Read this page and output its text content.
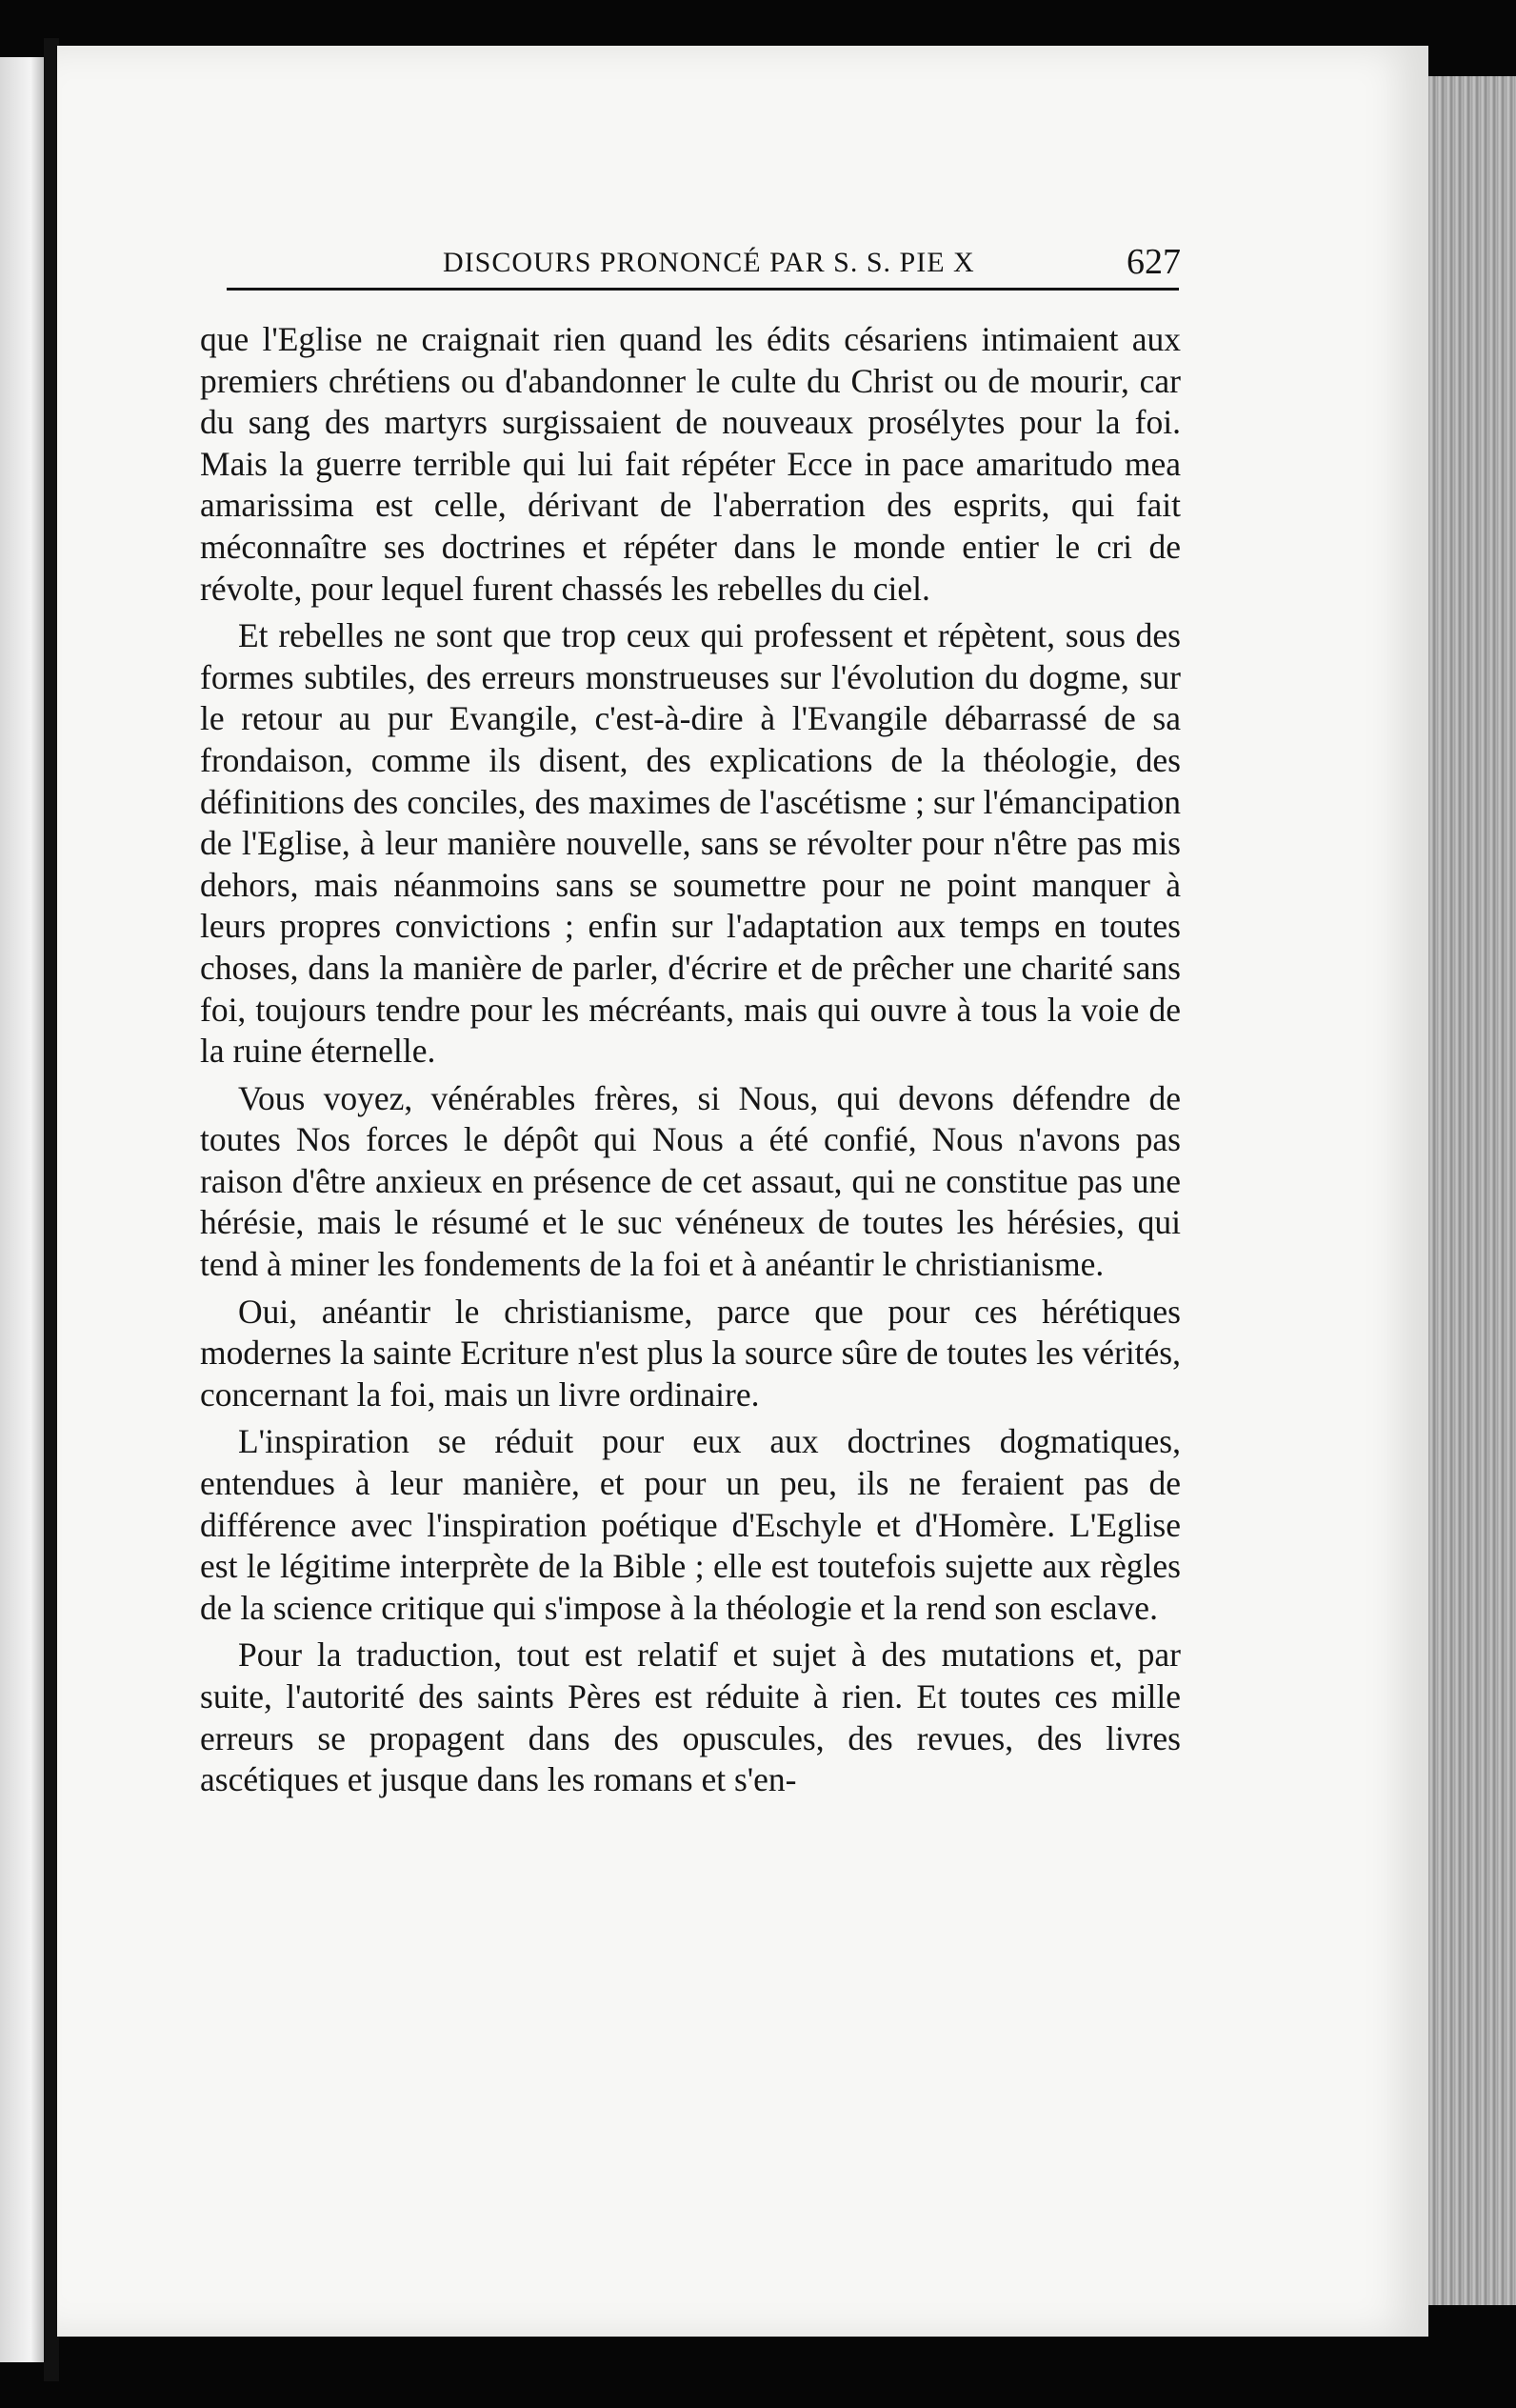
DISCOURS PRONONCÉ PAR S. S. PIE X	627

que l'Eglise ne craignait rien quand les édits césariens intimaient aux premiers chrétiens ou d'abandonner le culte du Christ ou de mourir, car du sang des martyrs surgissaient de nouveaux prosélytes pour la foi. Mais la guerre terrible qui lui fait répéter Ecce in pace amaritudo mea amarissima est celle, dérivant de l'aberration des esprits, qui fait méconnaître ses doctrines et répéter dans le monde entier le cri de révolte, pour lequel furent chassés les rebelles du ciel.

Et rebelles ne sont que trop ceux qui professent et répètent, sous des formes subtiles, des erreurs monstrueuses sur l'évolution du dogme, sur le retour au pur Evangile, c'est-à-dire à l'Evangile débarrassé de sa frondaison, comme ils disent, des explications de la théologie, des définitions des conciles, des maximes de l'ascétisme ; sur l'émancipation de l'Eglise, à leur manière nouvelle, sans se révolter pour n'être pas mis dehors, mais néanmoins sans se soumettre pour ne point manquer à leurs propres convictions ; enfin sur l'adaptation aux temps en toutes choses, dans la manière de parler, d'écrire et de prêcher une charité sans foi, toujours tendre pour les mécréants, mais qui ouvre à tous la voie de la ruine éternelle.

Vous voyez, vénérables frères, si Nous, qui devons défendre de toutes Nos forces le dépôt qui Nous a été confié, Nous n'avons pas raison d'être anxieux en présence de cet assaut, qui ne constitue pas une hérésie, mais le résumé et le suc vénéneux de toutes les hérésies, qui tend à miner les fondements de la foi et à anéantir le christianisme.

Oui, anéantir le christianisme, parce que pour ces hérétiques modernes la sainte Ecriture n'est plus la source sûre de toutes les vérités, concernant la foi, mais un livre ordinaire.

L'inspiration se réduit pour eux aux doctrines dogmatiques, entendues à leur manière, et pour un peu, ils ne feraient pas de différence avec l'inspiration poétique d'Eschyle et d'Homère. L'Eglise est le légitime interprète de la Bible ; elle est toutefois sujette aux règles de la science critique qui s'impose à la théologie et la rend son esclave.

Pour la traduction, tout est relatif et sujet à des mutations et, par suite, l'autorité des saints Pères est réduite à rien. Et toutes ces mille erreurs se propagent dans des opuscules, des revues, des livres ascétiques et jusque dans les romans et s'en-
